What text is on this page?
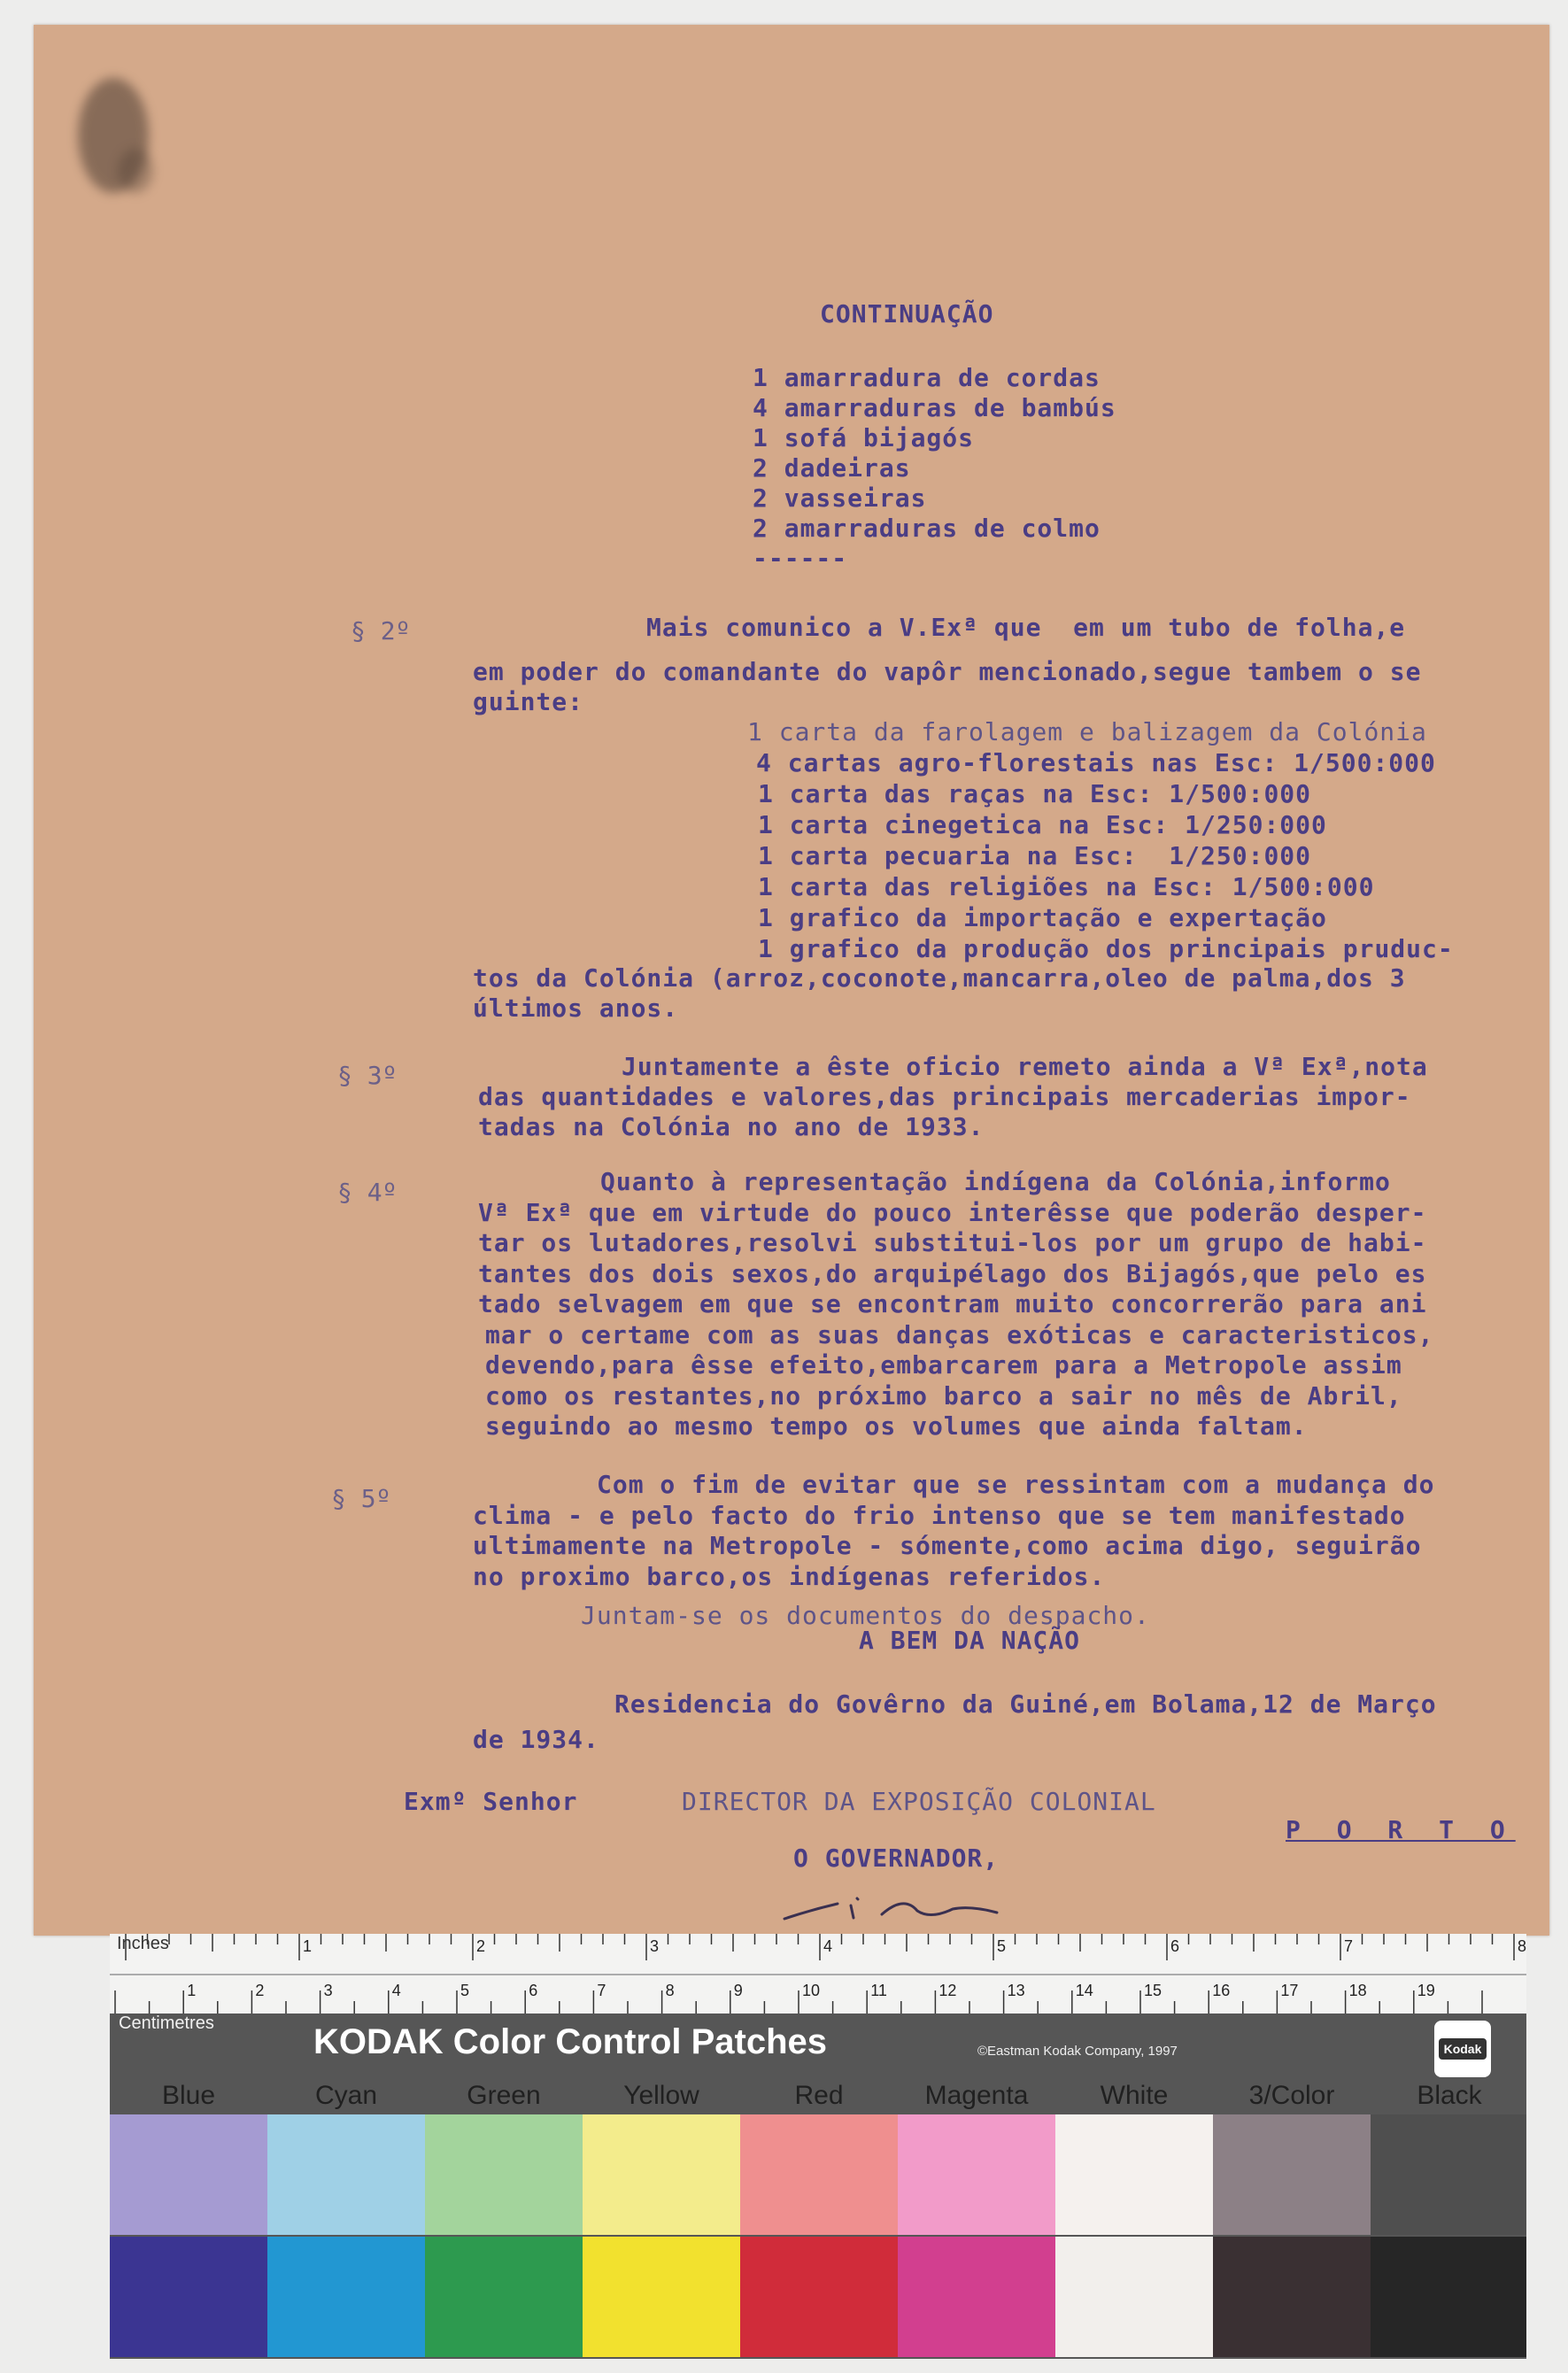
CONTINUAÇÃO
1 amarradura de cordas
4 amarraduras de bambús
1 sofá bijagós
2 dadeiras
2 vasseiras
2 amarraduras de colmo
------
§ 2º	Mais comunico a V.Exª que  em um tubo de folha,e
em poder do comandante do vapôr mencionado,segue tambem o se
guinte:
1 carta da farolagem e balizagem da Colónia
4 cartas agro-florestais nas Esc: 1/500:000
1 carta das raças na Esc: 1/500:000
1 carta cinegetica na Esc: 1/250:000
1 carta pecuaria na Esc:  1/250:000
1 carta das religiões na Esc: 1/500:000
1 grafico da importação e expertação
1 grafico da produção dos principais pruduc-
tos da Colónia (arroz,coconote,mancarra,oleo de palma,dos 3
últimos anos.
§ 3º	Juntamente a êste oficio remeto ainda a Vª Exª,nota
das quantidades e valores,das principais mercaderias impor-
tadas na Colónia no ano de 1933.
§ 4º	Quanto à representação indígena da Colónia,informo
Vª Exª que em virtude do pouco interêsse que poderão desper-
tar os lutadores,resolvi substitui-los por um grupo de habi-
tantes dos dois sexos,do arquipélago dos Bijagós,que pelo es
tado selvagem em que se encontram muito concorrerão para ani
mar o certame com as suas danças exóticas e caracteristicos,
devendo,para êsse efeito,embarcarem para a Metropole assim
como os restantes,no próximo barco a sair no mês de Abril,
seguindo ao mesmo tempo os volumes que ainda faltam.
§ 5º	Com o fim de evitar que se ressintam com a mudança do
clima - e pelo facto do frio intenso que se tem manifestado
ultimamente na Metropole - sómente,como acima digo, seguirão
no proximo barco,os indígenas referidos.
Juntam-se os documentos do despacho.
A BEM DA NAÇÃO
Residencia do Govêrno da Guiné,em Bolama,12 de Março
de 1934.
Exmº Senhor	DIRECTOR DA EXPOSIÇÃO COLONIAL
P O R T O
O GOVERNADOR,
Inches	1	2	3	4	5	6	7	8
1	2	3	4	5	6	7	8	9	10	11	12	13	14	15	16	17	18	19
Centimetres	KODAK Color Control Patches	©Eastman Kodak Company, 1997	Kodak
Blue	Cyan	Green	Yellow	Red	Magenta	White	3/Color	Black
